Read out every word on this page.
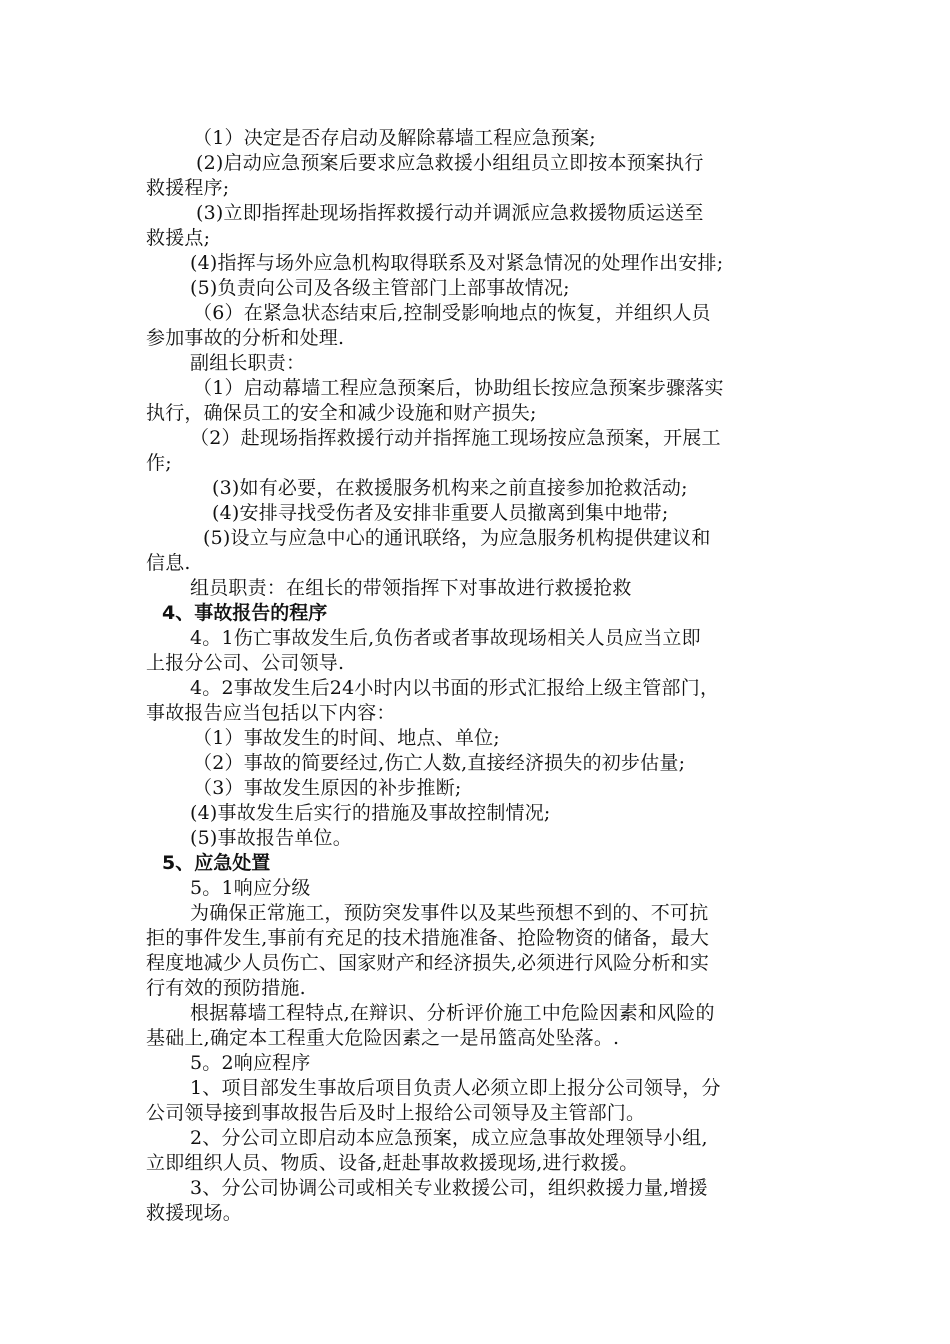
（1）决定是否存启动及解除幕墙工程应急预案;
(2)启动应急预案后要求应急救援小组组员立即按本预案执行
救援程序;
(3)立即指挥赴现场指挥救援行动并调派应急救援物质运送至
救援点;
(4)指挥与场外应急机构取得联系及对紧急情况的处理作出安排;
(5)负责向公司及各级主管部门上部事故情况;
（6）在紧急状态结束后,控制受影响地点的恢复，并组织人员
参加事故的分析和处理.
副组长职责：
（1）启动幕墙工程应急预案后，协助组长按应急预案步骤落实
执行，确保员工的安全和减少设施和财产损失;
（2）赴现场指挥救援行动并指挥施工现场按应急预案，开展工
作;
(3)如有必要，在救援服务机构来之前直接参加抢救活动;
(4)安排寻找受伤者及安排非重要人员撤离到集中地带;
(5)设立与应急中心的通讯联络，为应急服务机构提供建议和
信息.
组员职责：在组长的带领指挥下对事故进行救援抢救
4、事故报告的程序
4。1伤亡事故发生后,负伤者或者事故现场相关人员应当立即
上报分公司、公司领导.
4。2事故发生后24小时内以书面的形式汇报给上级主管部门，
事故报告应当包括以下内容：
（1）事故发生的时间、地点、单位;
（2）事故的简要经过,伤亡人数,直接经济损失的初步估量;
（3）事故发生原因的补步推断;
(4)事故发生后实行的措施及事故控制情况;
(5)事故报告单位。
5、应急处置
5。1响应分级
为确保正常施工，预防突发事件以及某些预想不到的、不可抗
拒的事件发生,事前有充足的技术措施准备、抢险物资的储备，最大
程度地减少人员伤亡、国家财产和经济损失,必须进行风险分析和实
行有效的预防措施.
根据幕墙工程特点,在辩识、分析评价施工中危险因素和风险的
基础上,确定本工程重大危险因素之一是吊篮高处坠落。.
5。2响应程序
1、项目部发生事故后项目负责人必须立即上报分公司领导，分
公司领导接到事故报告后及时上报给公司领导及主管部门。
2、分公司立即启动本应急预案，成立应急事故处理领导小组,
立即组织人员、物质、设备,赶赴事故救援现场,进行救援。
3、分公司协调公司或相关专业救援公司，组织救援力量,增援
救援现场。
